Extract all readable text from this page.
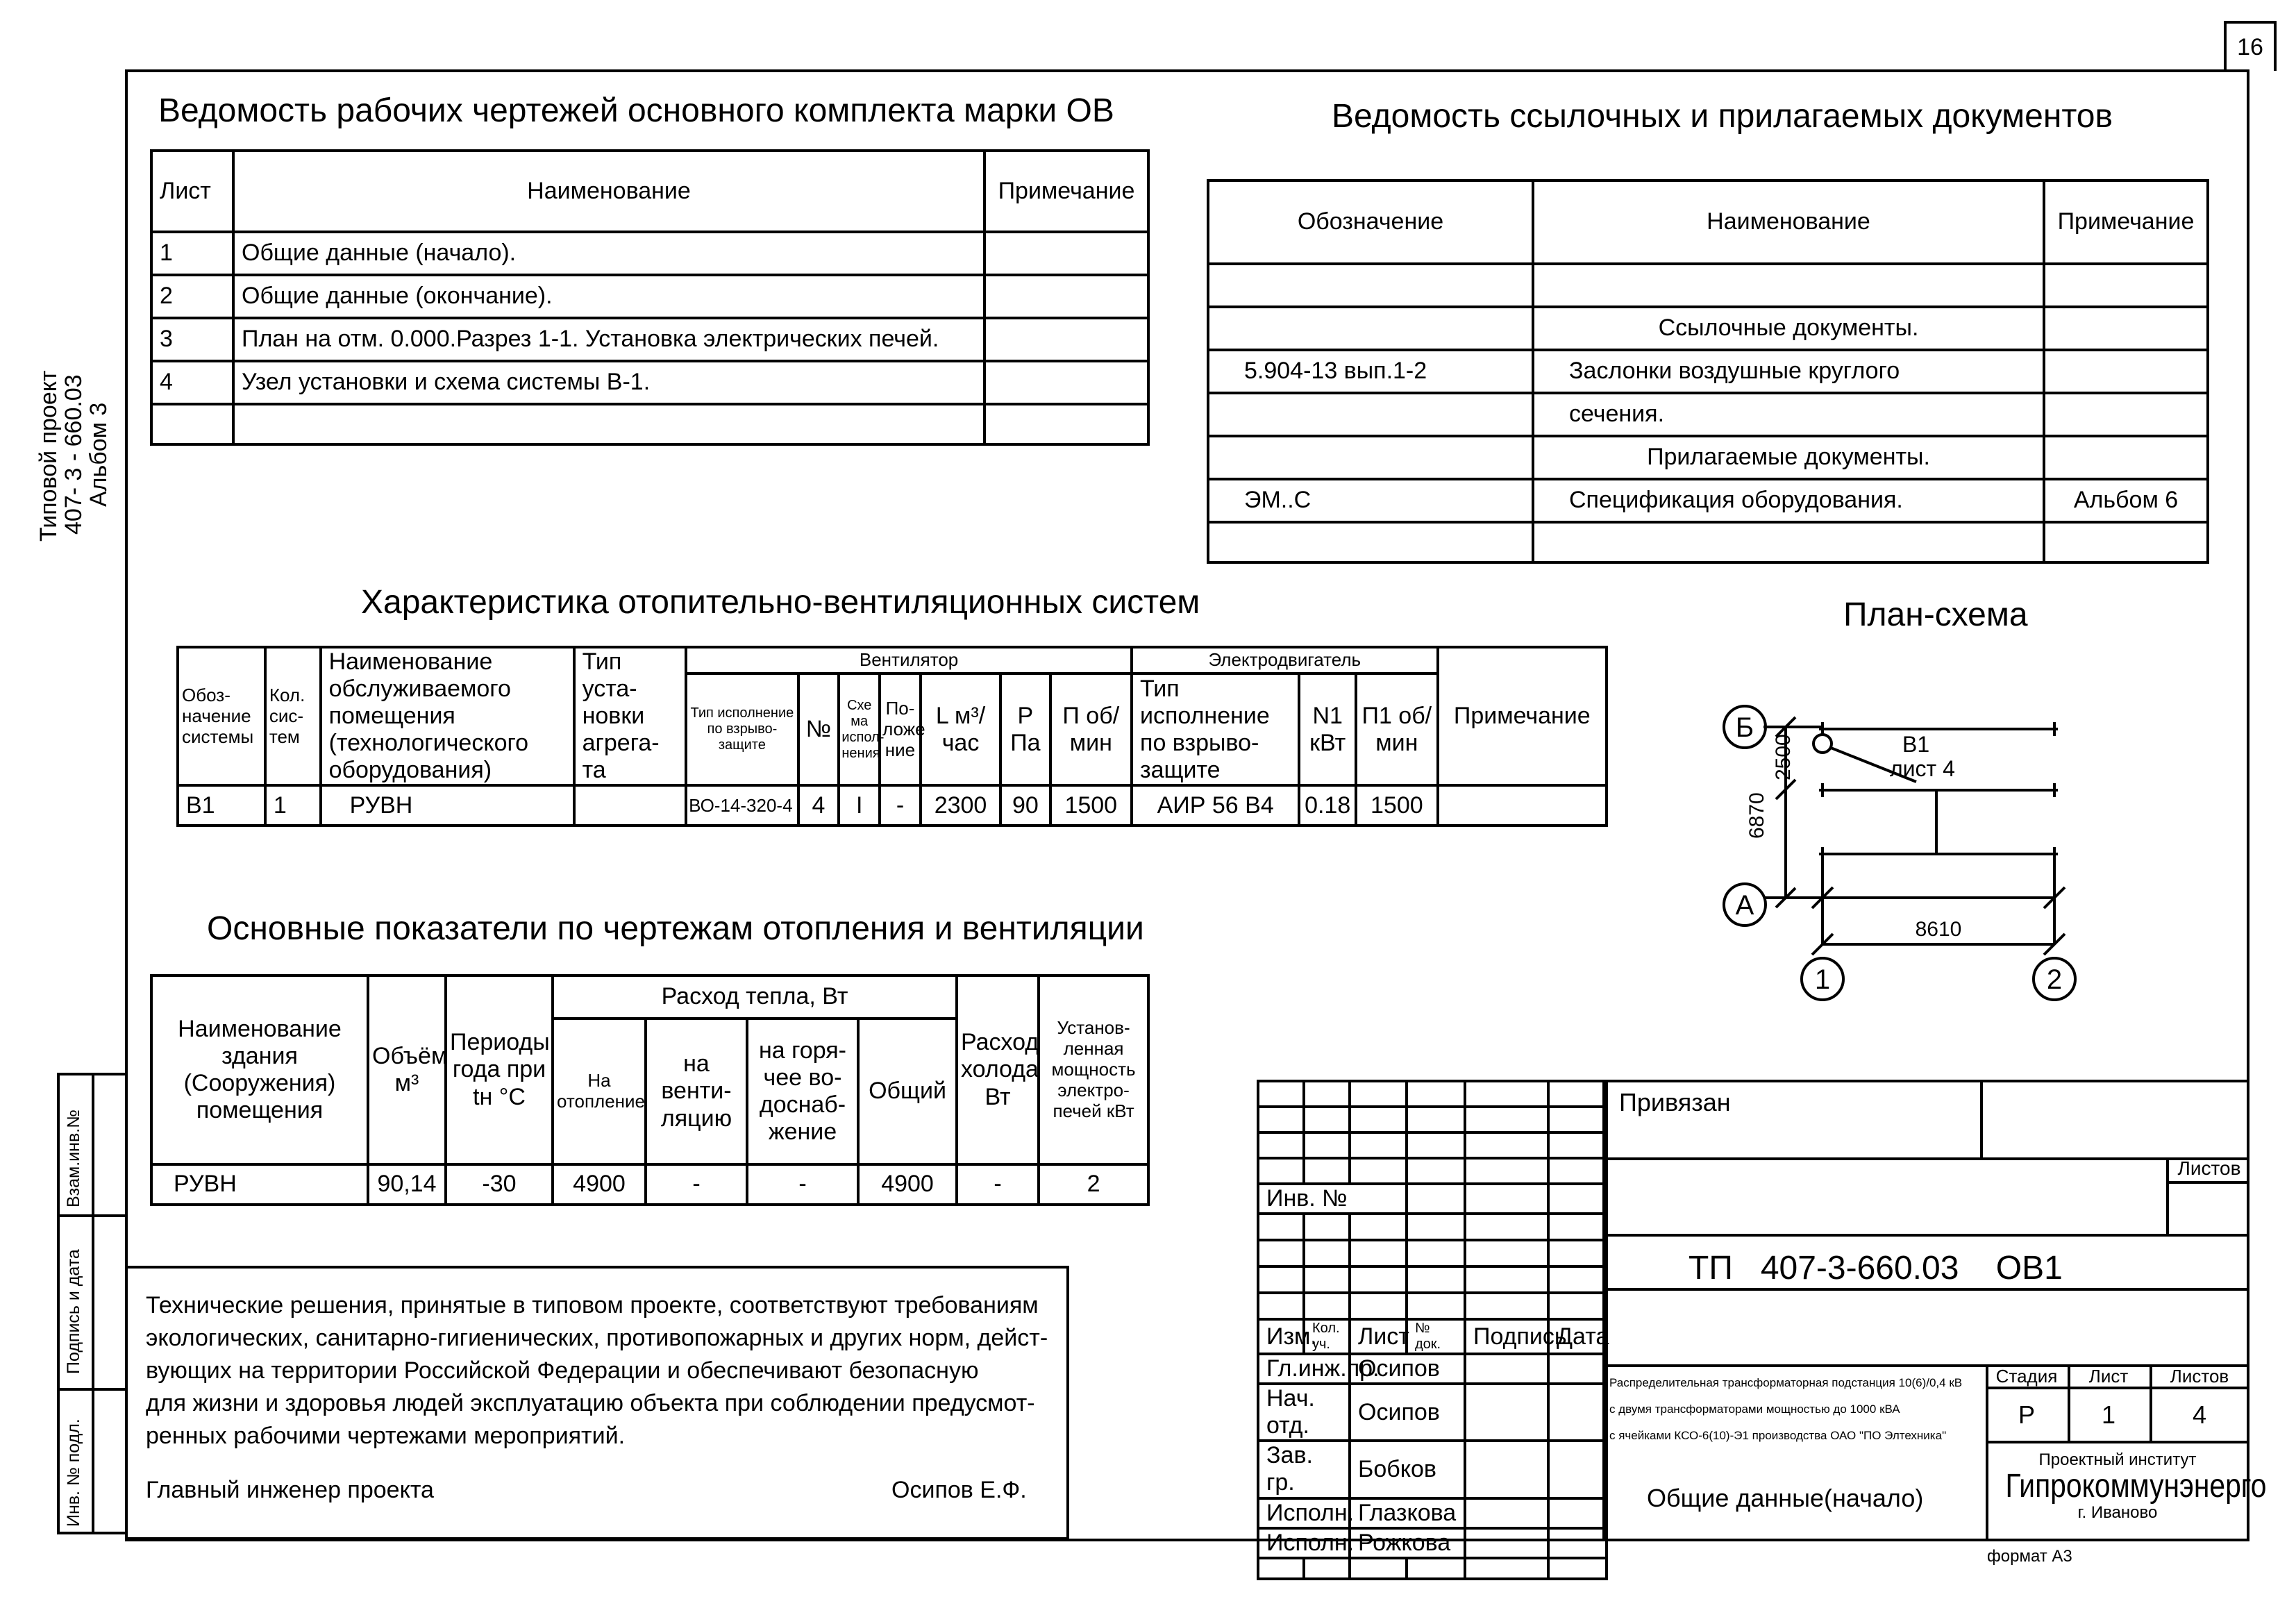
16
Типовой проект
407- 3 - 660.03
Альбом 3
Ведомость рабочих чертежей основного комплекта марки ОВ
Лист	Наименование	Примечание
1	Общие данные (начало).	
2	Общие данные (окончание).	
3	План на отм. 0.000.Разрез 1-1. Установка электрических печей.	
4	Узел установки и схема системы В-1.	

Ведомость ссылочных и прилагаемых документов
Обозначение	Наименование	Примечание

	Ссылочные документы.	
5.904-13 вып.1-2	Заслонки воздушные круглого	
	сечения.	
	Прилагаемые документы.	
ЭМ..С	Спецификация оборудования.	Альбом 6

Характеристика отопительно-вентиляционных систем
Обоз- начение системы	Кол. сис- тем	Наименование обслуживаемого помещения (технологического оборудования)	Тип уста- новки агрега- та	Вентилятор							Электродвигатель			Примечание
				Тип исполнение по взрыво- защите	№	Схе ма испол- нения	По- ложе ние	L м³/час	Р Па	П об/мин	Тип исполнение по взрыво- защите	N1 кВт	П1 об/мин	
В1	1	РУВН		ВО-14-320-4	4	I	-	2300	90	1500	АИР 56 В4	0.18	1500	
План-схема
Б
А
1	2
2500
6870
8610
В1
лист 4
Основные показатели по чертежам отопления и вентиляции
Наименование здания (Сооружения) помещения	Объём м³	Периоды года при tн °С	Расход тепла, Вт				Расход холода Вт	Установ- ленная мощность электро- печей кВт
			На отопление	на венти- ляцию	на горя- чее во- доснаб- жение	Общий		
РУВН	90,14	-30	4900	-	-	4900	-	2
Взам.инв.№
Подпись и дата
Инв. № подл.
Технические решения, принятые в типовом проекте, соответствуют требованиям
экологических, санитарно-гигиенических, противопожарных и других норм, дейст-
вующих на территории Российской Федерации и обеспечивают безопасную
для жизни и здоровья людей эксплуатацию объекта при соблюдении предусмот-
ренных рабочими чертежами мероприятий.
Главный инженер проекта	Осипов Е.Ф.

Инв. №					

Изм.	Кол. уч.	Лист	№ док.	Подпись	Дата
Гл.инж.пр.		Осипов			
Нач. отд.		Осипов			
Зав. гр.		Бобков			
Исполн.		Глазкова			
Исполн.		Рожкова			

Привязан
Листов
ТП   407-3-660.03    ОВ1
Распределительная трансформаторная подстанция 10(6)/0,4 кВ
с двумя трансформаторами мощностью до 1000 кВА
с ячейками КСО-6(10)-Э1 производства ОАО "ПО Элтехника"
Стадия	Лист	Листов
Р	1	4
Общие данные(начало)
Проектный институт
Гипрокоммунэнерго
г. Иваново
формат А3
